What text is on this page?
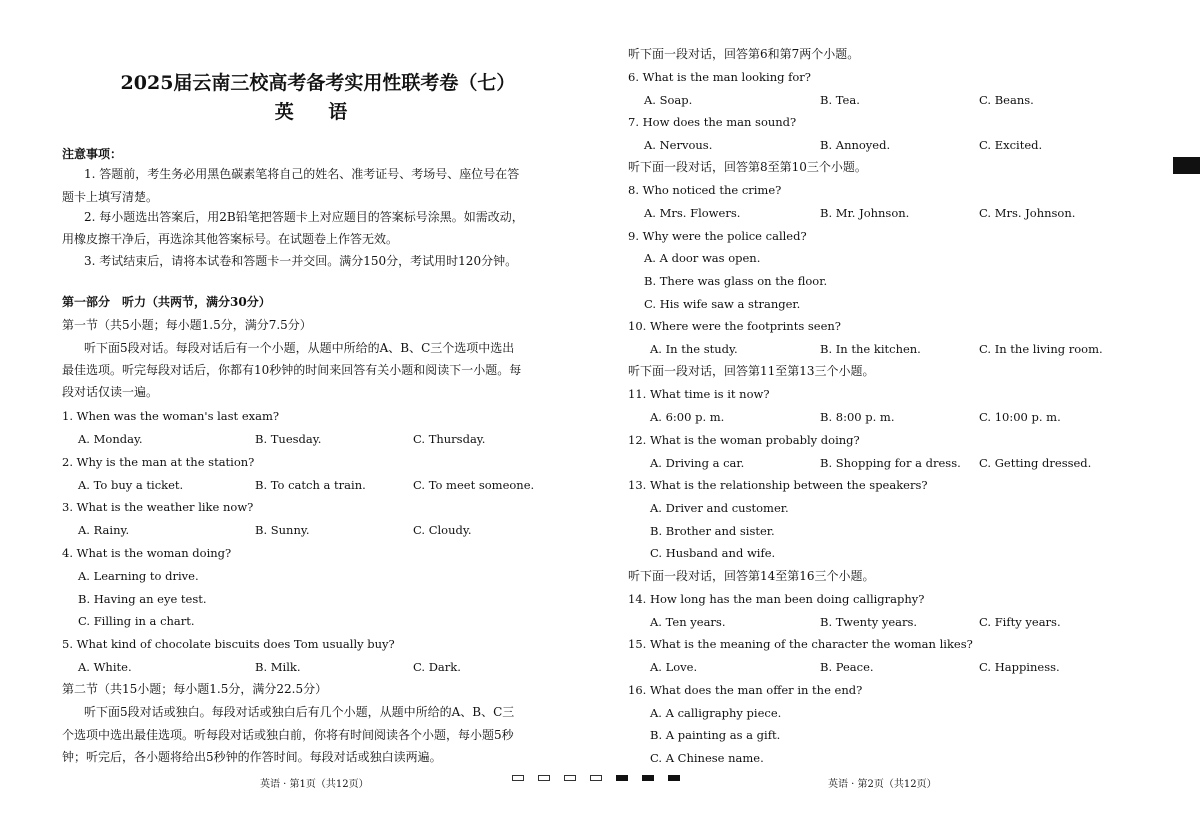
2025届云南三校高考备考实用性联考卷（七）
英 语
注意事项：
1. 答题前，考生务必用黑色碳素笔将自己的姓名、准考证号、考场号、座位号在答
题卡上填写清楚。
2. 每小题选出答案后，用2B铅笔把答题卡上对应题目的答案标号涂黑。如需改动，
用橡皮擦干净后，再选涂其他答案标号。在试题卷上作答无效。
3. 考试结束后，请将本试卷和答题卡一并交回。满分150分，考试用时120分钟。
第一部分　听力（共两节，满分30分）
第一节（共5小题；每小题1.5分，满分7.5分）
听下面5段对话。每段对话后有一个小题，从题中所给的A、B、C三个选项中选出
最佳选项。听完每段对话后，你都有10秒钟的时间来回答有关小题和阅读下一小题。每
段对话仅读一遍。
1. When was the woman's last exam?
A. Monday.	B. Tuesday.	C. Thursday.
2. Why is the man at the station?
A. To buy a ticket.	B. To catch a train.	C. To meet someone.
3. What is the weather like now?
A. Rainy.	B. Sunny.	C. Cloudy.
4. What is the woman doing?
A. Learning to drive.
B. Having an eye test.
C. Filling in a chart.
5. What kind of chocolate biscuits does Tom usually buy?
A. White.	B. Milk.	C. Dark.
第二节（共15小题；每小题1.5分，满分22.5分）
听下面5段对话或独白。每段对话或独白后有几个小题，从题中所给的A、B、C三
个选项中选出最佳选项。听每段对话或独白前，你将有时间阅读各个小题，每小题5秒
钟；听完后，各小题将给出5秒钟的作答时间。每段对话或独白读两遍。
英语 · 第1页（共12页）
听下面一段对话，回答第6和第7两个小题。
6. What is the man looking for?
A. Soap.	B. Tea.	C. Beans.
7. How does the man sound?
A. Nervous.	B. Annoyed.	C. Excited.
听下面一段对话，回答第8至第10三个小题。
8. Who noticed the crime?
A. Mrs. Flowers.	B. Mr. Johnson.	C. Mrs. Johnson.
9. Why were the police called?
A. A door was open.
B. There was glass on the floor.
C. His wife saw a stranger.
10. Where were the footprints seen?
A. In the study.	B. In the kitchen.	C. In the living room.
听下面一段对话，回答第11至第13三个小题。
11. What time is it now?
A. 6:00 p. m.	B. 8:00 p. m.	C. 10:00 p. m.
12. What is the woman probably doing?
A. Driving a car.	B. Shopping for a dress. C. Getting dressed.
13. What is the relationship between the speakers?
A. Driver and customer.
B. Brother and sister.
C. Husband and wife.
听下面一段对话，回答第14至第16三个小题。
14. How long has the man been doing calligraphy?
A. Ten years.	B. Twenty years.	C. Fifty years.
15. What is the meaning of the character the woman likes?
A. Love.	B. Peace.	C. Happiness.
16. What does the man offer in the end?
A. A calligraphy piece.
B. A painting as a gift.
C. A Chinese name.
英语 · 第2页（共12页）
